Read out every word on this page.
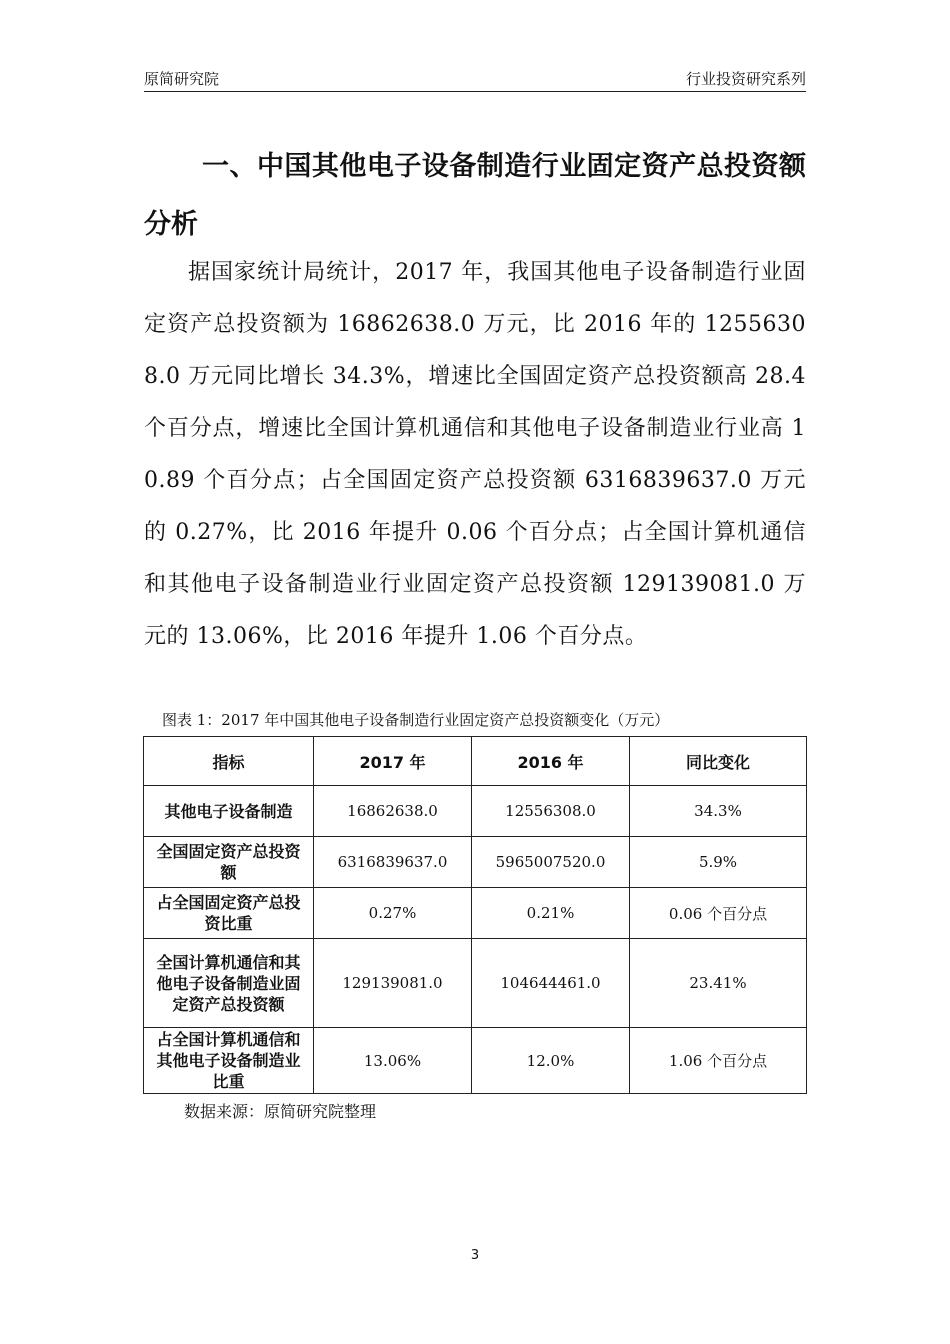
原简研究院	行业投资研究系列
一、中国其他电子设备制造行业固定资产总投资额分析
据国家统计局统计，2017 年，我国其他电子设备制造行业固定资产总投资额为 16862638.0 万元，比 2016 年的 12556308.0 万元同比增长 34.3%，增速比全国固定资产总投资额高 28.4 个百分点，增速比全国计算机通信和其他电子设备制造业行业高 10.89 个百分点；占全国固定资产总投资额 6316839637.0 万元的 0.27%，比 2016 年提升 0.06 个百分点；占全国计算机通信和其他电子设备制造业行业固定资产总投资额 129139081.0 万元的 13.06%，比 2016 年提升 1.06 个百分点。
图表 1：2017 年中国其他电子设备制造行业固定资产总投资额变化（万元）
指标	2017 年	2016 年	同比变化
其他电子设备制造	16862638.0	12556308.0	34.3%
全国固定资产总投资额	6316839637.0	5965007520.0	5.9%
占全国固定资产总投资比重	0.27%	0.21%	0.06 个百分点
全国计算机通信和其他电子设备制造业固定资产总投资额	129139081.0	104644461.0	23.41%
占全国计算机通信和其他电子设备制造业比重	13.06%	12.0%	1.06 个百分点
数据来源：原简研究院整理
3
